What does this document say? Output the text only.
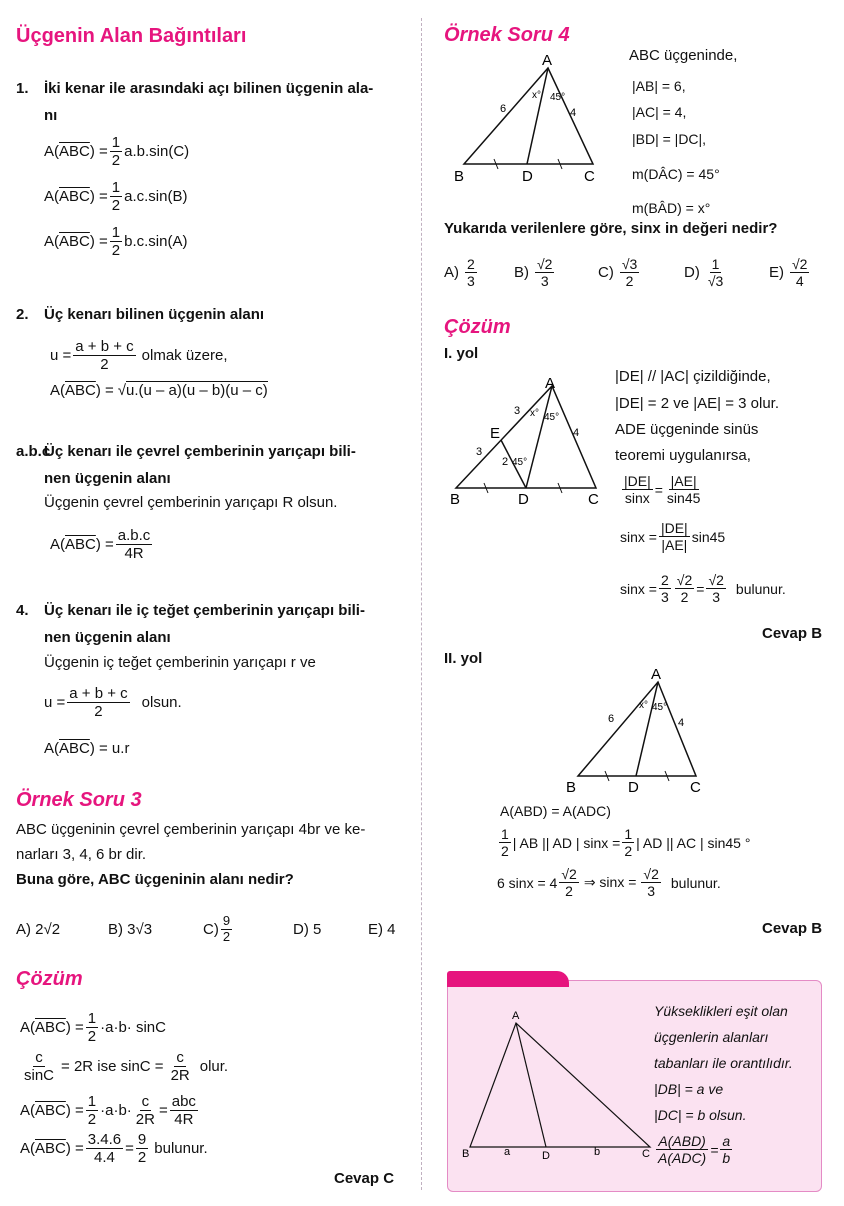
Üçgenin Alan Bağıntıları
1. İki kenar ile arasındaki açı bilinen üçgenin ala-
nı
$A(\overline{ABC}) = \frac{1}{2} a.b.\sin(C)$
$A(\overline{ABC}) = \frac{1}{2} a.c.\sin(B)$
$A(\overline{ABC}) = \frac{1}{2} b.c.\sin(A)$
2. Üç kenarı bilinen üçgenin alanı
$u = \frac{a + b + c}{2}$ olmak üzere,
$A(\overline{ABC})$ = √ u.(u – a)(u – b)(u – c)
a.b.c
Üç kenarı ile çevrel çemberinin yarıçapı bili-
nen üçgenin alanı
Üçgenin çevrel çemberinin yarıçapı R olsun.
$A(\overline{ABC}) = \frac{a.b.c}{4R}$
4. Üç kenarı ile iç teğet çemberinin yarıçapı bili-
nen üçgenin alanı
Üçgenin iç teğet çemberinin yarıçapı r ve
$u = \frac{a + b + c}{2}$ olsun.
$A(\overline{ABC}) = u.r$
Örnek Soru 3
ABC üçgeninin çevrel çemberinin yarıçapı 4br ve ke-
narları 3, 4, 6 br dir.
Buna göre, ABC üçgeninin alanı nedir?
A) 2√2	B) 3√3	$C) \frac{9}{2}$	D) 5	E) 4
Çözüm
$A(\overline{ABC}) = \frac{1}{2} \cdot a\cdot b\cdot \sin C$
$\frac{c}{\sin C} = 2R$ ise $\sin C = \frac{c}{2R}$ olur.
$A(\overline{ABC}) = \frac{1}{2} \cdot a\cdot b\cdot \frac{c}{2R} = \frac{\text{abc}}{4R}$
$A(\overline{ABC}) = \frac{3.4.6}{4.4} = \frac{9}{2}$ bulunur.
Cevap C
Örnek Soru 4
A
B	D	C
6	4
x° 45°
ABC üçgeninde,
|AB| = 6,
|AC| = 4,
|BD| = |DC|,
m(DÂC) = 45°
m(BÂD) = x°
Yukarıda verilenlere göre, sinx in değeri nedir?
$A) \frac{2}{3} B) \frac{√2}{3}$	$C) \frac{√3}{2}$	$D) \frac{1}{√3}$	$E) \frac{√2}{4}$
Çözüm
I. yol
A
B	D	C
E
3
3
4
2
x° 45°
45°
|DE| // |AC| çizildiğinde,
|DE| = 2 ve |AE| = 3 olur.
ADE üçgeninde sinüs
teoremi uygulanırsa,
$\frac{|DE|}{\sin x} = \frac{|AE|}{\sin 45}$
$\sin x = \frac{|DE|}{|AE|} \sin 45$
$\sin x = \frac{2}{3} \frac{√2}{2} = \frac{√2}{3}$ bulunur.
Cevap B
II. yol
A
B	D	C
6	4
x° 45°
A(ABD) = A(ADC)
$\frac{1}{2}$ | AB || AD | $\sin x = \frac{1}{2}$ | AD || AC | sin45 °
6 $\sin x = 4 \frac{√2}{2}$ ⇒ $\sin x = \frac{√2}{3}$ bulunur.
Cevap B
A
B	D	C
a	b
Yükseklikleri eşit olan
üçgenlerin alanları
tabanları ile orantılıdır.
|DB| = a ve
|DC| = b olsun.
$\frac{\text{A(ABD)}}{\text{A(ADC)}} = \frac{a}{b}$
